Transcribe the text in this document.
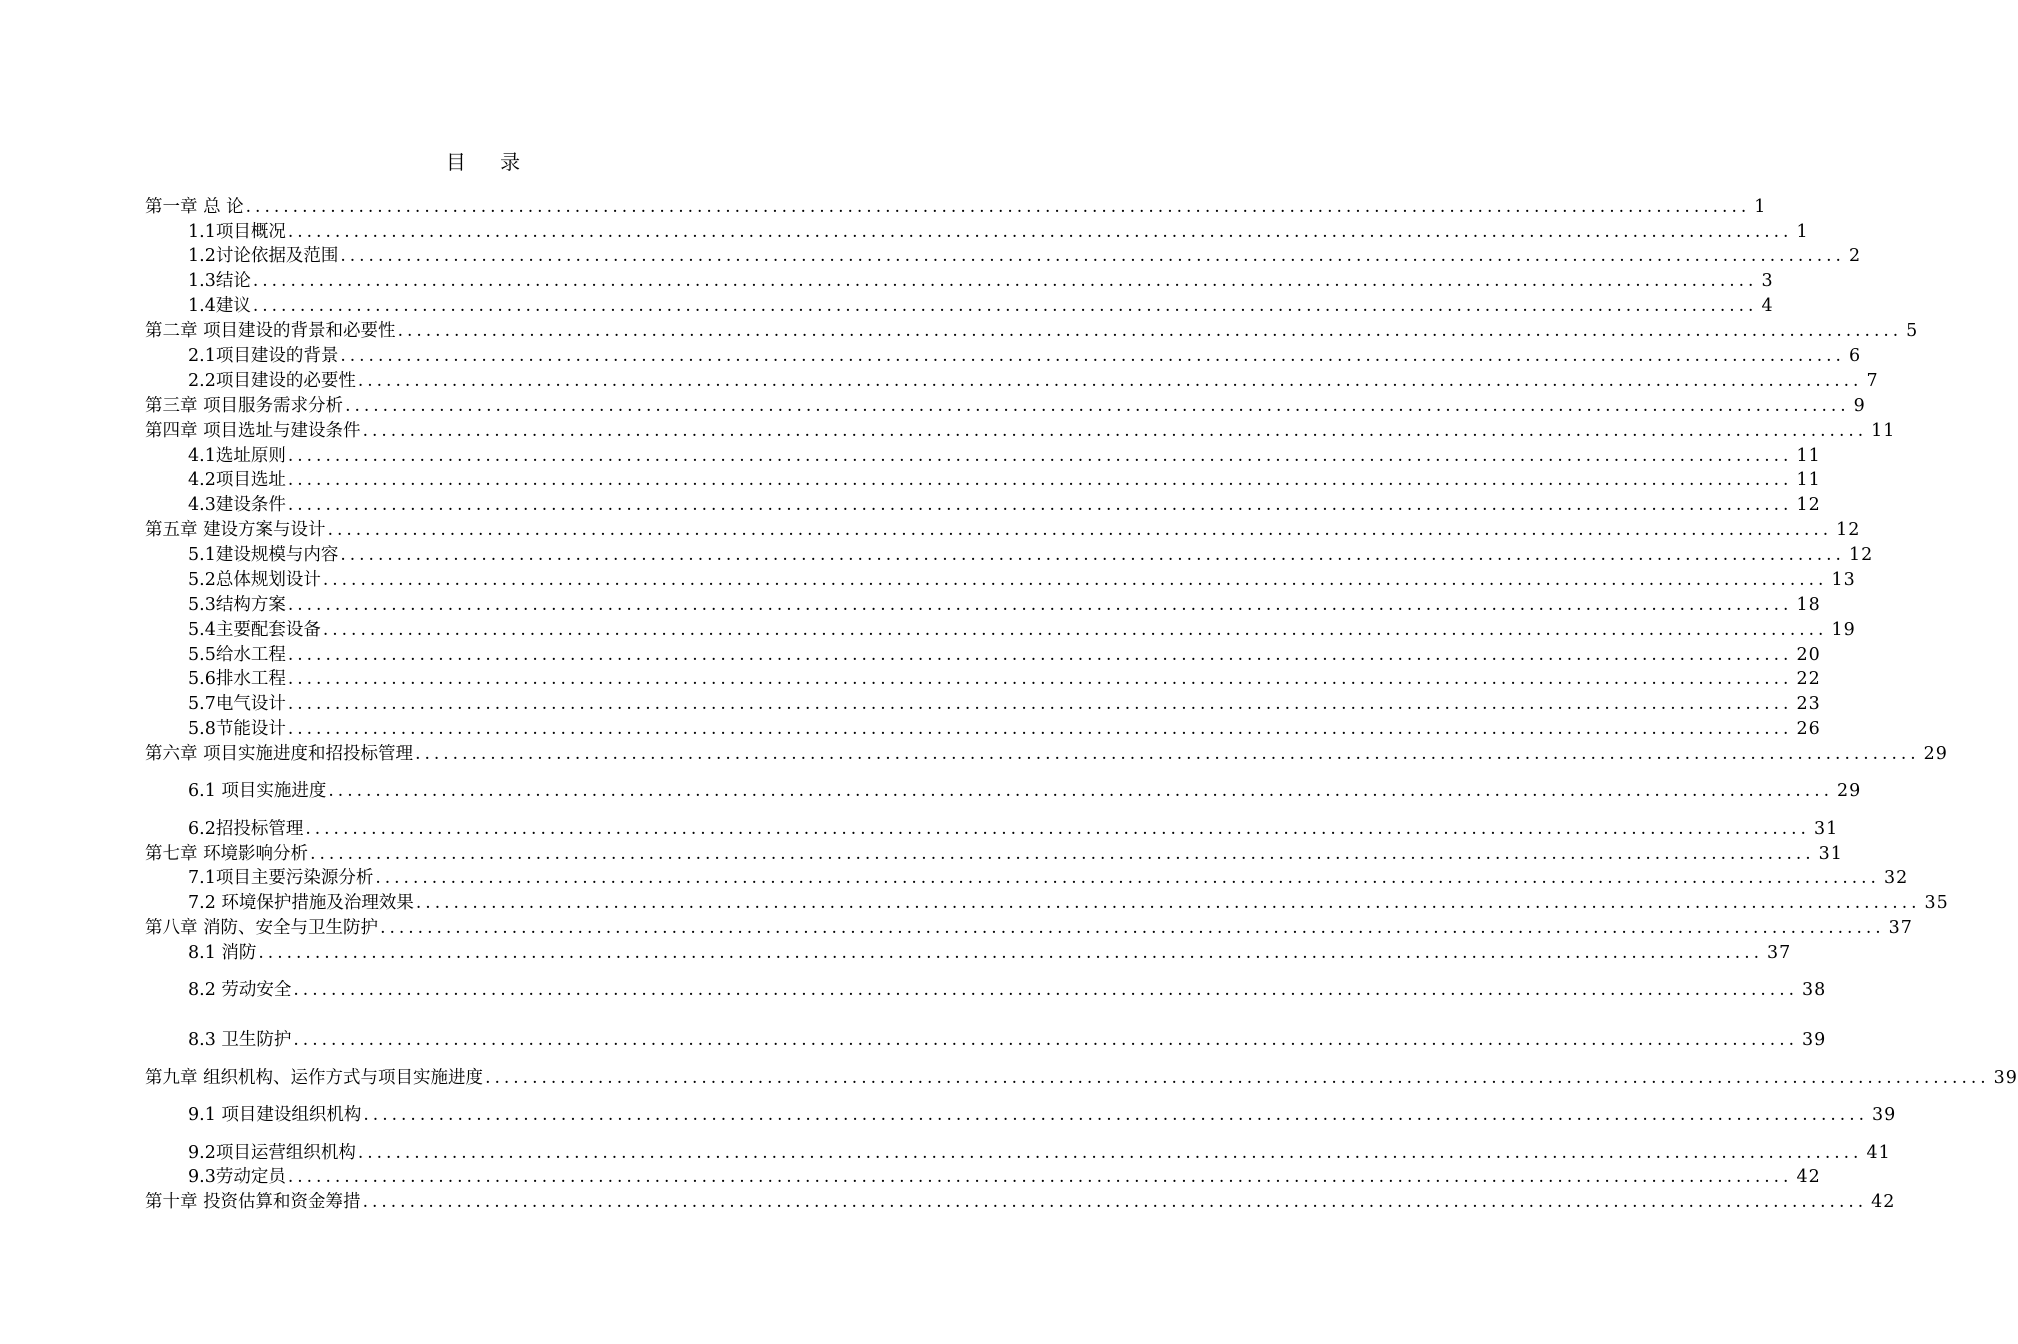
目 录
第一章 总 论 ................................................................................................................................................................ 1
1.1项目概况 ................................................................................................................................................................ 1
1.2讨论依据及范围 ................................................................................................................................................................ 2
1.3结论 ................................................................................................................................................................ 3
1.4建议 ................................................................................................................................................................ 4
第二章 项目建设的背景和必要性 ................................................................................................................................................................ 5
2.1项目建设的背景 ................................................................................................................................................................ 6
2.2项目建设的必要性 ................................................................................................................................................................ 7
第三章 项目服务需求分析 ................................................................................................................................................................ 9
第四章 项目选址与建设条件 ................................................................................................................................................................ 11
4.1选址原则 ................................................................................................................................................................ 11
4.2项目选址 ................................................................................................................................................................ 11
4.3建设条件 ................................................................................................................................................................ 12
第五章 建设方案与设计 ................................................................................................................................................................ 12
5.1建设规模与内容 ................................................................................................................................................................ 12
5.2总体规划设计 ................................................................................................................................................................ 13
5.3结构方案 ................................................................................................................................................................ 18
5.4主要配套设备 ................................................................................................................................................................ 19
5.5给水工程 ................................................................................................................................................................ 20
5.6排水工程 ................................................................................................................................................................ 22
5.7电气设计 ................................................................................................................................................................ 23
5.8节能设计 ................................................................................................................................................................ 26
第六章 项目实施进度和招投标管理 ................................................................................................................................................................ 29
6.1 项目实施进度 ................................................................................................................................................................ 29
6.2招投标管理 ................................................................................................................................................................ 31
第七章 环境影响分析 ................................................................................................................................................................ 31
7.1项目主要污染源分析 ................................................................................................................................................................ 32
7.2 环境保护措施及治理效果 ................................................................................................................................................................ 35
第八章 消防、安全与卫生防护 ................................................................................................................................................................ 37
8.1 消防 ................................................................................................................................................................ 37
8.2 劳动安全 ................................................................................................................................................................ 38
8.3 卫生防护 ................................................................................................................................................................ 39
第九章 组织机构、运作方式与项目实施进度 ................................................................................................................................................................ 39
9.1 项目建设组织机构 ................................................................................................................................................................ 39
9.2项目运营组织机构 ................................................................................................................................................................ 41
9.3劳动定员 ................................................................................................................................................................ 42
第十章 投资估算和资金筹措 ................................................................................................................................................................ 42
